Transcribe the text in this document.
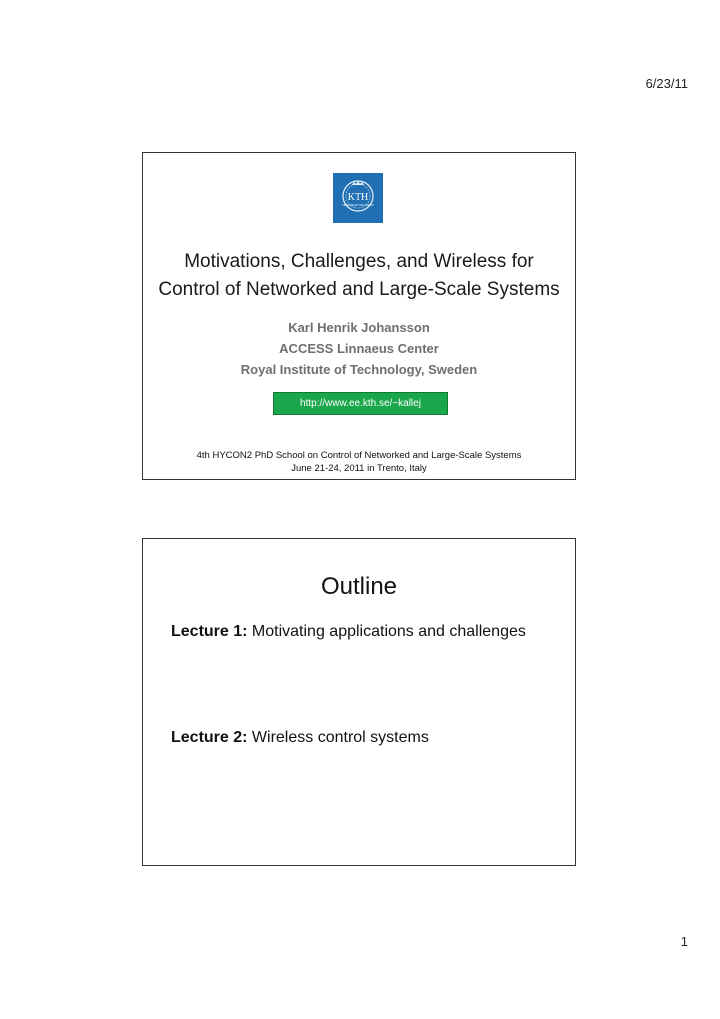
6/23/11
KTH
VETENSKAP OCH KONST
Motivations, Challenges, and Wireless for
Control of Networked and Large-Scale Systems
Karl Henrik Johansson
ACCESS Linnaeus Center
Royal Institute of Technology, Sweden
http://www.ee.kth.se/~kallej
4th HYCON2 PhD School on Control of Networked and Large-Scale Systems
June 21-24, 2011 in Trento, Italy
Outline
Lecture 1: Motivating applications and challenges
Lecture 2: Wireless control systems
1
